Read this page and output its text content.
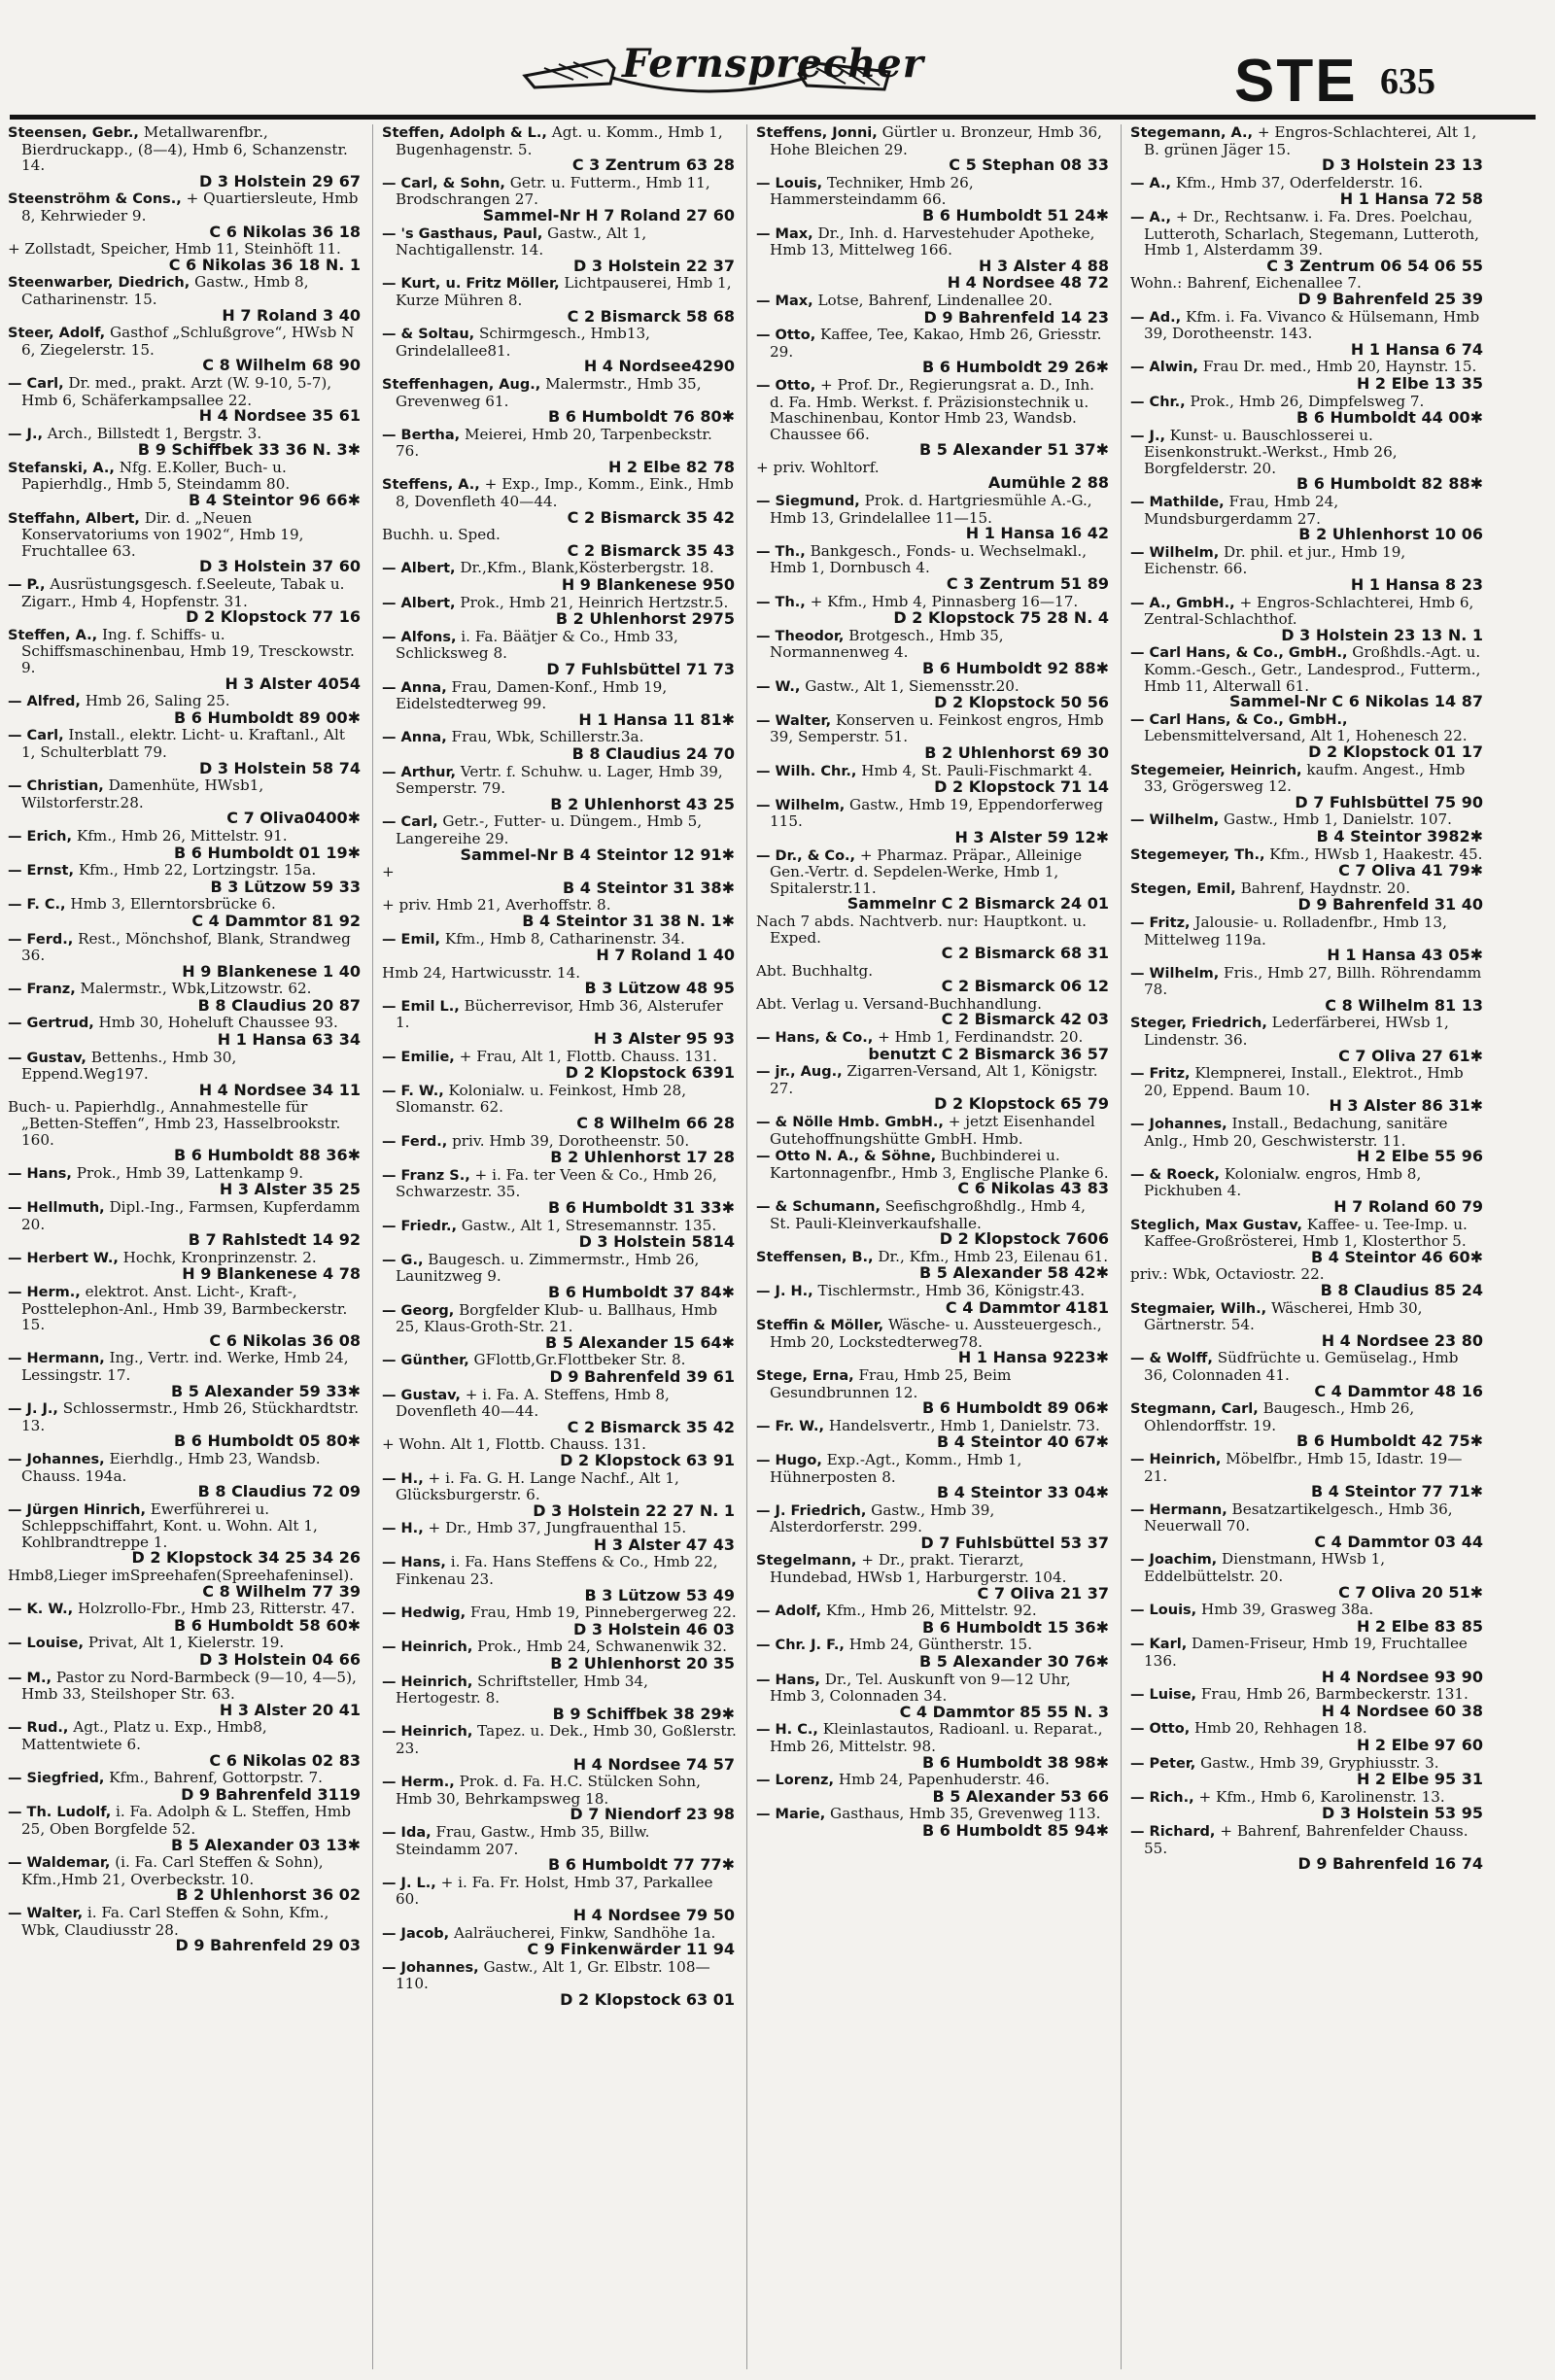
Fernsprecher	STE 635
Steensen, Gebr., Metallwarenfbr., Bierdruckapp., (8—4), Hmb 6, Schanzenstr. 14.
D 3 Holstein 29 67
Steenströhm & Cons., + Quartiersleute, Hmb 8, Kehrwieder 9.
C 6 Nikolas 36 18
+ Zollstadt, Speicher, Hmb 11, Steinhöft 11.
C 6 Nikolas 36 18 N. 1
Steenwarber, Diedrich, Gastw., Hmb 8, Catharinenstr. 15.
H 7 Roland 3 40
Steer, Adolf, Gasthof „Schlußgrove“, HWsb N 6, Ziegelerstr. 15.
C 8 Wilhelm 68 90
— Carl, Dr. med., prakt. Arzt (W. 9-10, 5-7), Hmb 6, Schäferkampsallee 22.
H 4 Nordsee 35 61
— J., Arch., Billstedt 1, Bergstr. 3.
B 9 Schiffbek 33 36 N. 3✱
Stefanski, A., Nfg. E.Koller, Buch- u. Papierhdlg., Hmb 5, Steindamm 80.
B 4 Steintor 96 66✱
Steffahn, Albert, Dir. d. „Neuen Konservatoriums von 1902“, Hmb 19, Fruchtallee 63.
D 3 Holstein 37 60
— P., Ausrüstungsgesch. f.Seeleute, Tabak u. Zigarr., Hmb 4, Hopfenstr. 31.
D 2 Klopstock 77 16
Steffen, A., Ing. f. Schiffs- u. Schiffsmaschinenbau, Hmb 19, Tresckowstr. 9.
H 3 Alster 4054
— Alfred, Hmb 26, Saling 25.
B 6 Humboldt 89 00✱
— Carl, Install., elektr. Licht- u. Kraftanl., Alt 1, Schulterblatt 79.
D 3 Holstein 58 74
— Christian, Damenhüte, HWsb1, Wilstorferstr.28.
C 7 Oliva0400✱
— Erich, Kfm., Hmb 26, Mittelstr. 91.
B 6 Humboldt 01 19✱
— Ernst, Kfm., Hmb 22, Lortzingstr. 15a.
B 3 Lützow 59 33
— F. C., Hmb 3, Ellerntorsbrücke 6.
C 4 Dammtor 81 92
— Ferd., Rest., Mönchshof, Blank, Strandweg 36.
H 9 Blankenese 1 40
— Franz, Malermstr., Wbk,Litzowstr. 62.
B 8 Claudius 20 87
— Gertrud, Hmb 30, Hoheluft Chaussee 93.
H 1 Hansa 63 34
— Gustav, Bettenhs., Hmb 30, Eppend.Weg197.
H 4 Nordsee 34 11
Buch- u. Papierhdlg., Annahmestelle für „Betten-Steffen“, Hmb 23, Hasselbrookstr. 160.
B 6 Humboldt 88 36✱
— Hans, Prok., Hmb 39, Lattenkamp 9.
H 3 Alster 35 25
— Hellmuth, Dipl.-Ing., Farmsen, Kupferdamm 20.
B 7 Rahlstedt 14 92
— Herbert W., Hochk, Kronprinzenstr. 2.
H 9 Blankenese 4 78
— Herm., elektrot. Anst. Licht-, Kraft-, Posttelephon-Anl., Hmb 39, Barmbeckerstr. 15.
C 6 Nikolas 36 08
— Hermann, Ing., Vertr. ind. Werke, Hmb 24, Lessingstr. 17.
B 5 Alexander 59 33✱
— J. J., Schlossermstr., Hmb 26, Stückhardtstr. 13.
B 6 Humboldt 05 80✱
— Johannes, Eierhdlg., Hmb 23, Wandsb. Chauss. 194a.
B 8 Claudius 72 09
— Jürgen Hinrich, Ewerführerei u. Schleppschiffahrt, Kont. u. Wohn. Alt 1, Kohlbrandtreppe 1.
D 2 Klopstock 34 25 34 26
Hmb8,Lieger imSpreehafen(Spreehafeninsel).
C 8 Wilhelm 77 39
— K. W., Holzrollo-Fbr., Hmb 23, Ritterstr. 47.
B 6 Humboldt 58 60✱
— Louise, Privat, Alt 1, Kielerstr. 19.
D 3 Holstein 04 66
— M., Pastor zu Nord-Barmbeck (9—10, 4—5), Hmb 33, Steilshoper Str. 63.
H 3 Alster 20 41
— Rud., Agt., Platz u. Exp., Hmb8, Mattentwiete 6.
C 6 Nikolas 02 83
— Siegfried, Kfm., Bahrenf, Gottorpstr. 7.
D 9 Bahrenfeld 3119
— Th. Ludolf, i. Fa. Adolph & L. Steffen, Hmb 25, Oben Borgfelde 52.
B 5 Alexander 03 13✱
— Waldemar, (i. Fa. Carl Steffen & Sohn), Kfm.,Hmb 21, Overbeckstr. 10.
B 2 Uhlenhorst 36 02
— Walter, i. Fa. Carl Steffen & Sohn, Kfm., Wbk, Claudiusstr 28.
D 9 Bahrenfeld 29 03
Steffen, Adolph & L., Agt. u. Komm., Hmb 1, Bugenhagenstr. 5.
C 3 Zentrum 63 28
— Carl, & Sohn, Getr. u. Futterm., Hmb 11, Brodschrangen 27.
Sammel-Nr H 7 Roland 27 60
— 's Gasthaus, Paul, Gastw., Alt 1, Nachtigallenstr. 14.
D 3 Holstein 22 37
— Kurt, u. Fritz Möller, Lichtpauserei, Hmb 1, Kurze Mühren 8.
C 2 Bismarck 58 68
— & Soltau, Schirmgesch., Hmb13, Grindelallee81.
H 4 Nordsee4290
Steffenhagen, Aug., Malermstr., Hmb 35, Grevenweg 61.
B 6 Humboldt 76 80✱
— Bertha, Meierei, Hmb 20, Tarpenbeckstr. 76.
H 2 Elbe 82 78
Steffens, A., + Exp., Imp., Komm., Eink., Hmb 8, Dovenfleth 40—44.
C 2 Bismarck 35 42
Buchh. u. Sped.
C 2 Bismarck 35 43
— Albert, Dr.,Kfm., Blank,Kösterbergstr. 18.
H 9 Blankenese 950
— Albert, Prok., Hmb 21, Heinrich Hertzstr.5.
B 2 Uhlenhorst 2975
— Alfons, i. Fa. Bäätjer & Co., Hmb 33, Schlicksweg 8.
D 7 Fuhlsbüttel 71 73
— Anna, Frau, Damen-Konf., Hmb 19, Eidelstedterweg 99.
H 1 Hansa 11 81✱
— Anna, Frau, Wbk, Schillerstr.3a.
B 8 Claudius 24 70
— Arthur, Vertr. f. Schuhw. u. Lager, Hmb 39, Semperstr. 79.
B 2 Uhlenhorst 43 25
— Carl, Getr.-, Futter- u. Düngem., Hmb 5, Langereihe 29.
Sammel-Nr B 4 Steintor 12 91✱
+
B 4 Steintor 31 38✱
+ priv. Hmb 21, Averhoffstr. 8.
B 4 Steintor 31 38 N. 1✱
— Emil, Kfm., Hmb 8, Catharinenstr. 34.
H 7 Roland 1 40
Hmb 24, Hartwicusstr. 14.
B 3 Lützow 48 95
— Emil L., Bücherrevisor, Hmb 36, Alsterufer 1.
H 3 Alster 95 93
— Emilie, + Frau, Alt 1, Flottb. Chauss. 131.
D 2 Klopstock 6391
— F. W., Kolonialw. u. Feinkost, Hmb 28, Slomanstr. 62.
C 8 Wilhelm 66 28
— Ferd., priv. Hmb 39, Dorotheenstr. 50.
B 2 Uhlenhorst 17 28
— Franz S., + i. Fa. ter Veen & Co., Hmb 26, Schwarzestr. 35.
B 6 Humboldt 31 33✱
— Friedr., Gastw., Alt 1, Stresemannstr. 135.
D 3 Holstein 5814
— G., Baugesch. u. Zimmermstr., Hmb 26, Launitzweg 9.
B 6 Humboldt 37 84✱
— Georg, Borgfelder Klub- u. Ballhaus, Hmb 25, Klaus-Groth-Str. 21.
B 5 Alexander 15 64✱
— Günther, GFlottb,Gr.Flottbeker Str. 8.
D 9 Bahrenfeld 39 61
— Gustav, + i. Fa. A. Steffens, Hmb 8, Dovenfleth 40—44.
C 2 Bismarck 35 42
+ Wohn. Alt 1, Flottb. Chauss. 131.
D 2 Klopstock 63 91
— H., + i. Fa. G. H. Lange Nachf., Alt 1, Glücksburgerstr. 6.
D 3 Holstein 22 27 N. 1
— H., + Dr., Hmb 37, Jungfrauenthal 15.
H 3 Alster 47 43
— Hans, i. Fa. Hans Steffens & Co., Hmb 22, Finkenau 23.
B 3 Lützow 53 49
— Hedwig, Frau, Hmb 19, Pinnebergerweg 22.
D 3 Holstein 46 03
— Heinrich, Prok., Hmb 24, Schwanenwik 32.
B 2 Uhlenhorst 20 35
— Heinrich, Schriftsteller, Hmb 34, Hertogestr. 8.
B 9 Schiffbek 38 29✱
— Heinrich, Tapez. u. Dek., Hmb 30, Goßlerstr. 23.
H 4 Nordsee 74 57
— Herm., Prok. d. Fa. H.C. Stülcken Sohn, Hmb 30, Behrkampsweg 18.
D 7 Niendorf 23 98
— Ida, Frau, Gastw., Hmb 35, Billw. Steindamm 207.
B 6 Humboldt 77 77✱
— J. L., + i. Fa. Fr. Holst, Hmb 37, Parkallee 60.
H 4 Nordsee 79 50
— Jacob, Aalräucherei, Finkw, Sandhöhe 1a.
C 9 Finkenwärder 11 94
— Johannes, Gastw., Alt 1, Gr. Elbstr. 108—110.
D 2 Klopstock 63 01
Steffens, Jonni, Gürtler u. Bronzeur, Hmb 36, Hohe Bleichen 29.
C 5 Stephan 08 33
— Louis, Techniker, Hmb 26, Hammersteindamm 66.
B 6 Humboldt 51 24✱
— Max, Dr., Inh. d. Harvestehuder Apotheke, Hmb 13, Mittelweg 166.
H 3 Alster 4 88
H 4 Nordsee 48 72
— Max, Lotse, Bahrenf, Lindenallee 20.
D 9 Bahrenfeld 14 23
— Otto, Kaffee, Tee, Kakao, Hmb 26, Griesstr. 29.
B 6 Humboldt 29 26✱
— Otto, + Prof. Dr., Regierungsrat a. D., Inh. d. Fa. Hmb. Werkst. f. Präzisionstechnik u. Maschinenbau, Kontor Hmb 23, Wandsb. Chaussee 66.
B 5 Alexander 51 37✱
+ priv. Wohltorf.
Aumühle 2 88
— Siegmund, Prok. d. Hartgriesmühle A.-G., Hmb 13, Grindelallee 11—15.
H 1 Hansa 16 42
— Th., Bankgesch., Fonds- u. Wechselmakl., Hmb 1, Dornbusch 4.
C 3 Zentrum 51 89
— Th., + Kfm., Hmb 4, Pinnasberg 16—17.
D 2 Klopstock 75 28 N. 4
— Theodor, Brotgesch., Hmb 35, Normannenweg 4.
B 6 Humboldt 92 88✱
— W., Gastw., Alt 1, Siemensstr.20.
D 2 Klopstock 50 56
— Walter, Konserven u. Feinkost engros, Hmb 39, Semperstr. 51.
B 2 Uhlenhorst 69 30
— Wilh. Chr., Hmb 4, St. Pauli-Fischmarkt 4.
D 2 Klopstock 71 14
— Wilhelm, Gastw., Hmb 19, Eppendorferweg 115.
H 3 Alster 59 12✱
— Dr., & Co., + Pharmaz. Präpar., Alleinige Gen.-Vertr. d. Sepdelen-Werke, Hmb 1, Spitalerstr.11.
Sammelnr C 2 Bismarck 24 01
Nach 7 abds. Nachtverb. nur: Hauptkont. u. Exped.
C 2 Bismarck 68 31
Abt. Buchhaltg.
C 2 Bismarck 06 12
Abt. Verlag u. Versand-Buchhandlung.
C 2 Bismarck 42 03
— Hans, & Co., + Hmb 1, Ferdinandstr. 20.
benutzt C 2 Bismarck 36 57
— jr., Aug., Zigarren-Versand, Alt 1, Königstr. 27.
D 2 Klopstock 65 79
— & Nölle Hmb. GmbH., + jetzt Eisenhandel Gutehoffnungshütte GmbH. Hmb.
— Otto N. A., & Söhne, Buchbinderei u. Kartonnagenfbr., Hmb 3, Englische Planke 6.
C 6 Nikolas 43 83
— & Schumann, Seefischgroßhdlg., Hmb 4, St. Pauli-Kleinverkaufshalle.
D 2 Klopstock 7606
Steffensen, B., Dr., Kfm., Hmb 23, Eilenau 61.
B 5 Alexander 58 42✱
— J. H., Tischlermstr., Hmb 36, Königstr.43.
C 4 Dammtor 4181
Steffin & Möller, Wäsche- u. Aussteuergesch., Hmb 20, Lockstedterweg78.
H 1 Hansa 9223✱
Stege, Erna, Frau, Hmb 25, Beim Gesundbrunnen 12.
B 6 Humboldt 89 06✱
— Fr. W., Handelsvertr., Hmb 1, Danielstr. 73.
B 4 Steintor 40 67✱
— Hugo, Exp.-Agt., Komm., Hmb 1, Hühnerposten 8.
B 4 Steintor 33 04✱
— J. Friedrich, Gastw., Hmb 39, Alsterdorferstr. 299.
D 7 Fuhlsbüttel 53 37
Stegelmann, + Dr., prakt. Tierarzt, Hundebad, HWsb 1, Harburgerstr. 104.
C 7 Oliva 21 37
— Adolf, Kfm., Hmb 26, Mittelstr. 92.
B 6 Humboldt 15 36✱
— Chr. J. F., Hmb 24, Güntherstr. 15.
B 5 Alexander 30 76✱
— Hans, Dr., Tel. Auskunft von 9—12 Uhr, Hmb 3, Colonnaden 34.
C 4 Dammtor 85 55 N. 3
— H. C., Kleinlastautos, Radioanl. u. Reparat., Hmb 26, Mittelstr. 98.
B 6 Humboldt 38 98✱
— Lorenz, Hmb 24, Papenhuderstr. 46.
B 5 Alexander 53 66
— Marie, Gasthaus, Hmb 35, Grevenweg 113.
B 6 Humboldt 85 94✱
Stegemann, A., + Engros-Schlachterei, Alt 1, B. grünen Jäger 15.
D 3 Holstein 23 13
— A., Kfm., Hmb 37, Oderfelderstr. 16.
H 1 Hansa 72 58
— A., + Dr., Rechtsanw. i. Fa. Dres. Poelchau, Lutteroth, Scharlach, Stegemann, Lutteroth, Hmb 1, Alsterdamm 39.
C 3 Zentrum 06 54 06 55
Wohn.: Bahrenf, Eichenallee 7.
D 9 Bahrenfeld 25 39
— Ad., Kfm. i. Fa. Vivanco & Hülsemann, Hmb 39, Dorotheenstr. 143.
H 1 Hansa 6 74
— Alwin, Frau Dr. med., Hmb 20, Haynstr. 15.
H 2 Elbe 13 35
— Chr., Prok., Hmb 26, Dimpfelsweg 7.
B 6 Humboldt 44 00✱
— J., Kunst- u. Bauschlosserei u. Eisenkonstrukt.-Werkst., Hmb 26, Borgfelderstr. 20.
B 6 Humboldt 82 88✱
— Mathilde, Frau, Hmb 24, Mundsburgerdamm 27.
B 2 Uhlenhorst 10 06
— Wilhelm, Dr. phil. et jur., Hmb 19, Eichenstr. 66.
H 1 Hansa 8 23
— A., GmbH., + Engros-Schlachterei, Hmb 6, Zentral-Schlachthof.
D 3 Holstein 23 13 N. 1
— Carl Hans, & Co., GmbH., Großhdls.-Agt. u. Komm.-Gesch., Getr., Landesprod., Futterm., Hmb 11, Alterwall 61.
Sammel-Nr C 6 Nikolas 14 87
— Carl Hans, & Co., GmbH., Lebensmittelversand, Alt 1, Hohenesch 22.
D 2 Klopstock 01 17
Stegemeier, Heinrich, kaufm. Angest., Hmb 33, Grögersweg 12.
D 7 Fuhlsbüttel 75 90
— Wilhelm, Gastw., Hmb 1, Danielstr. 107.
B 4 Steintor 3982✱
Stegemeyer, Th., Kfm., HWsb 1, Haakestr. 45.
C 7 Oliva 41 79✱
Stegen, Emil, Bahrenf, Haydnstr. 20.
D 9 Bahrenfeld 31 40
— Fritz, Jalousie- u. Rolladenfbr., Hmb 13, Mittelweg 119a.
H 1 Hansa 43 05✱
— Wilhelm, Fris., Hmb 27, Billh. Röhrendamm 78.
C 8 Wilhelm 81 13
Steger, Friedrich, Lederfärberei, HWsb 1, Lindenstr. 36.
C 7 Oliva 27 61✱
— Fritz, Klempnerei, Install., Elektrot., Hmb 20, Eppend. Baum 10.
H 3 Alster 86 31✱
— Johannes, Install., Bedachung, sanitäre Anlg., Hmb 20, Geschwisterstr. 11.
H 2 Elbe 55 96
— & Roeck, Kolonialw. engros, Hmb 8, Pickhuben 4.
H 7 Roland 60 79
Steglich, Max Gustav, Kaffee- u. Tee-Imp. u. Kaffee-Großrösterei, Hmb 1, Klosterthor 5.
B 4 Steintor 46 60✱
priv.: Wbk, Octaviostr. 22.
B 8 Claudius 85 24
Stegmaier, Wilh., Wäscherei, Hmb 30, Gärtnerstr. 54.
H 4 Nordsee 23 80
— & Wolff, Südfrüchte u. Gemüselag., Hmb 36, Colonnaden 41.
C 4 Dammtor 48 16
Stegmann, Carl, Baugesch., Hmb 26, Ohlendorffstr. 19.
B 6 Humboldt 42 75✱
— Heinrich, Möbelfbr., Hmb 15, Idastr. 19—21.
B 4 Steintor 77 71✱
— Hermann, Besatzartikelgesch., Hmb 36, Neuerwall 70.
C 4 Dammtor 03 44
— Joachim, Dienstmann, HWsb 1, Eddelbüttelstr. 20.
C 7 Oliva 20 51✱
— Louis, Hmb 39, Grasweg 38a.
H 2 Elbe 83 85
— Karl, Damen-Friseur, Hmb 19, Fruchtallee 136.
H 4 Nordsee 93 90
— Luise, Frau, Hmb 26, Barmbeckerstr. 131.
H 4 Nordsee 60 38
— Otto, Hmb 20, Rehhagen 18.
H 2 Elbe 97 60
— Peter, Gastw., Hmb 39, Gryphiusstr. 3.
H 2 Elbe 95 31
— Rich., + Kfm., Hmb 6, Karolinenstr. 13.
D 3 Holstein 53 95
— Richard, + Bahrenf, Bahrenfelder Chauss. 55.
D 9 Bahrenfeld 16 74
